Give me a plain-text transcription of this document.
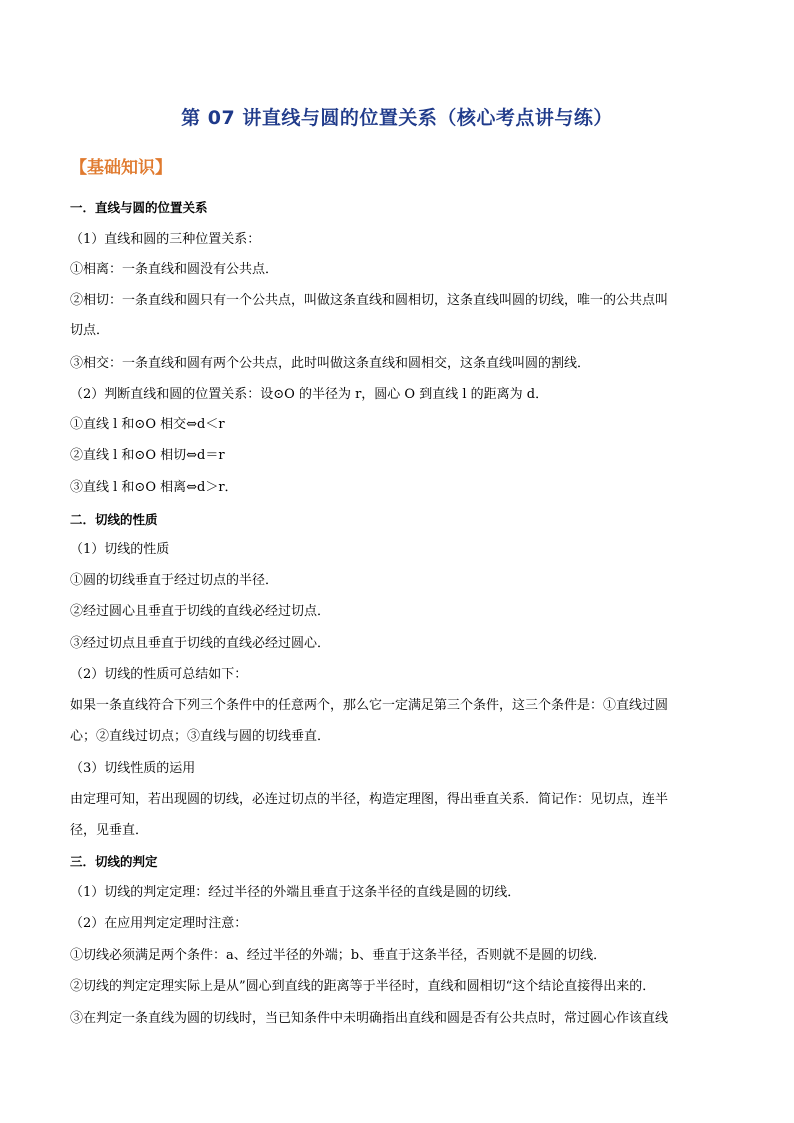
第 07 讲直线与圆的位置关系（核心考点讲与练）
【基础知识】
一．直线与圆的位置关系
（1）直线和圆的三种位置关系：
①相离：一条直线和圆没有公共点．
②相切：一条直线和圆只有一个公共点，叫做这条直线和圆相切，这条直线叫圆的切线，唯一的公共点叫
切点．
③相交：一条直线和圆有两个公共点，此时叫做这条直线和圆相交，这条直线叫圆的割线．
（2）判断直线和圆的位置关系：设⊙O 的半径为 r，圆心 O 到直线 l 的距离为 d．
①直线 l 和⊙O 相交⇔d＜r
②直线 l 和⊙O 相切⇔d＝r
③直线 l 和⊙O 相离⇔d＞r．
二．切线的性质
（1）切线的性质
①圆的切线垂直于经过切点的半径．
②经过圆心且垂直于切线的直线必经过切点．
③经过切点且垂直于切线的直线必经过圆心．
（2）切线的性质可总结如下：
如果一条直线符合下列三个条件中的任意两个，那么它一定满足第三个条件，这三个条件是：①直线过圆
心；②直线过切点；③直线与圆的切线垂直．
（3）切线性质的运用
由定理可知，若出现圆的切线，必连过切点的半径，构造定理图，得出垂直关系．简记作：见切点，连半
径，见垂直．
三．切线的判定
（1）切线的判定定理：经过半径的外端且垂直于这条半径的直线是圆的切线．
（2）在应用判定定理时注意：
①切线必须满足两个条件：a、经过半径的外端；b、垂直于这条半径，否则就不是圆的切线．
②切线的判定定理实际上是从”圆心到直线的距离等于半径时，直线和圆相切“这个结论直接得出来的．
③在判定一条直线为圆的切线时，当已知条件中未明确指出直线和圆是否有公共点时，常过圆心作该直线
